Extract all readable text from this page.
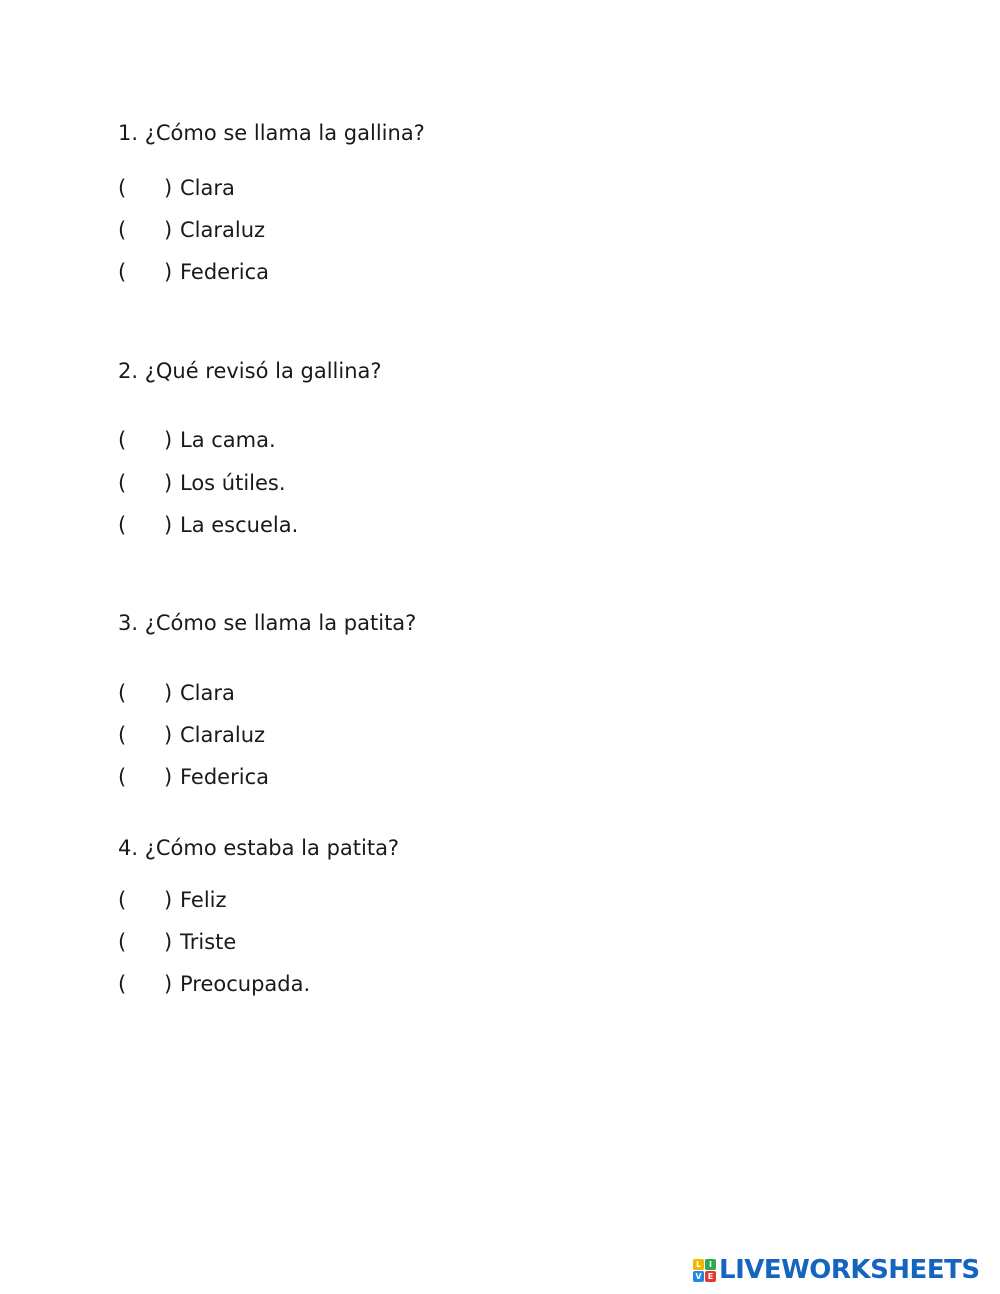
1. ¿Cómo se llama la gallina?
( ) Clara
( ) Claraluz
( ) Federica
2. ¿Qué revisó la gallina?
( ) La cama.
( ) Los útiles.
( ) La escuela.
3. ¿Cómo se llama la patita?
( ) Clara
( ) Claraluz
( ) Federica
4. ¿Cómo estaba la patita?
( ) Feliz
( ) Triste
( ) Preocupada.
L I
V E LIVEWORKSHEETS
